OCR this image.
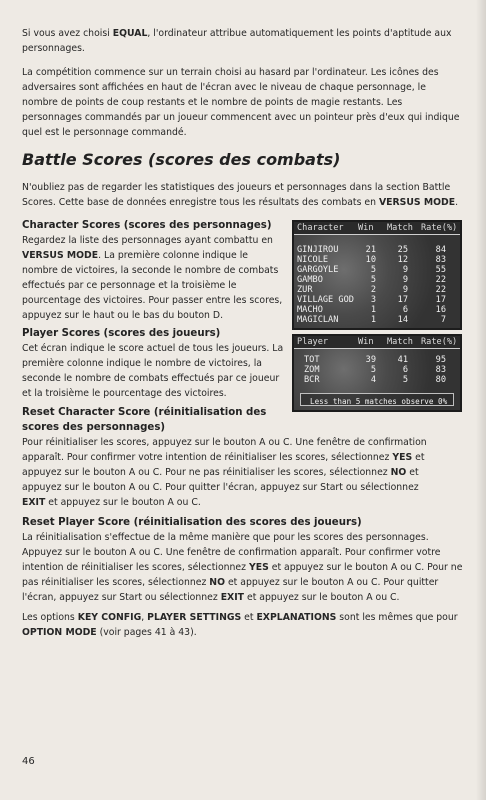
Si vous avez choisi EQUAL, l'ordinateur attribue automatiquement les points d'aptitude aux personnages.

La compétition commence sur un terrain choisi au hasard par l'ordinateur. Les icônes des adversaires sont affichées en haut de l'écran avec le niveau de chaque personnage, le nombre de points de coup restants et le nombre de points de magie restants. Les personnages commandés par un joueur commencent avec un pointeur près d'eux qui indique quel est le personnage commandé.

Battle Scores (scores des combats)

N'oubliez pas de regarder les statistiques des joueurs et personnages dans la section Battle Scores. Cette base de données enregistre tous les résultats des combats en VERSUS MODE.

Character Scores (scores des personnages)
Regardez la liste des personnages ayant combattu en VERSUS MODE. La première colonne indique le nombre de victoires, la seconde le nombre de combats effectués par ce personnage et la troisième le pourcentage des victoires. Pour passer entre les scores, appuyez sur le haut ou le bas du bouton D.
Player Scores (scores des joueurs)
Cet écran indique le score actuel de tous les joueurs. La première colonne indique le nombre de victoires, la seconde le nombre de combats effectués par ce joueur et la troisième le pourcentage des victoires.
Reset Character Score (réinitialisation des scores des personnages)
Pour réinitialiser les scores, appuyez sur le bouton A ou C. Une fenêtre de confirmation apparaît. Pour confirmer votre intention de réinitialiser les scores, sélectionnez YES et appuyez sur le bouton A ou C. Pour ne pas réinitialiser les scores, sélectionnez NO et appuyez sur le bouton A ou C. Pour quitter l'écran, appuyez sur Start ou sélectionnez EXIT et appuyez sur le bouton A ou C.
Reset Player Score (réinitialisation des scores des joueurs)
La réinitialisation s'effectue de la même manière que pour les scores des personnages. Appuyez sur le bouton A ou C. Une fenêtre de confirmation apparaît. Pour confirmer votre intention de réinitialiser les scores, sélectionnez YES et appuyez sur le bouton A ou C. Pour ne pas réinitialiser les scores, sélectionnez NO et appuyez sur le bouton A ou C. Pour quitter l'écran, appuyez sur Start ou sélectionnez EXIT et appuyez sur le bouton A ou C.

Les options KEY CONFIG, PLAYER SETTINGS et EXPLANATIONS sont les mêmes que pour OPTION MODE (voir pages 41 à 43).

46
Character Win Match Rate(%)
GINJIROU	21	25	84
NICOLE	10	12	83
GARGOYLE	5	9	55
GAMBO	5	9	22
ZUR	2	9	22
VILLAGE GOD	3	17	17
MACHO	1	6	16
MAGICLAN	1	14	7
Player	Win Match Rate(%)
TOT	39	41	95
ZOM	5	6	83
BCR	4	5	80
Less than 5 matches observe 0%
